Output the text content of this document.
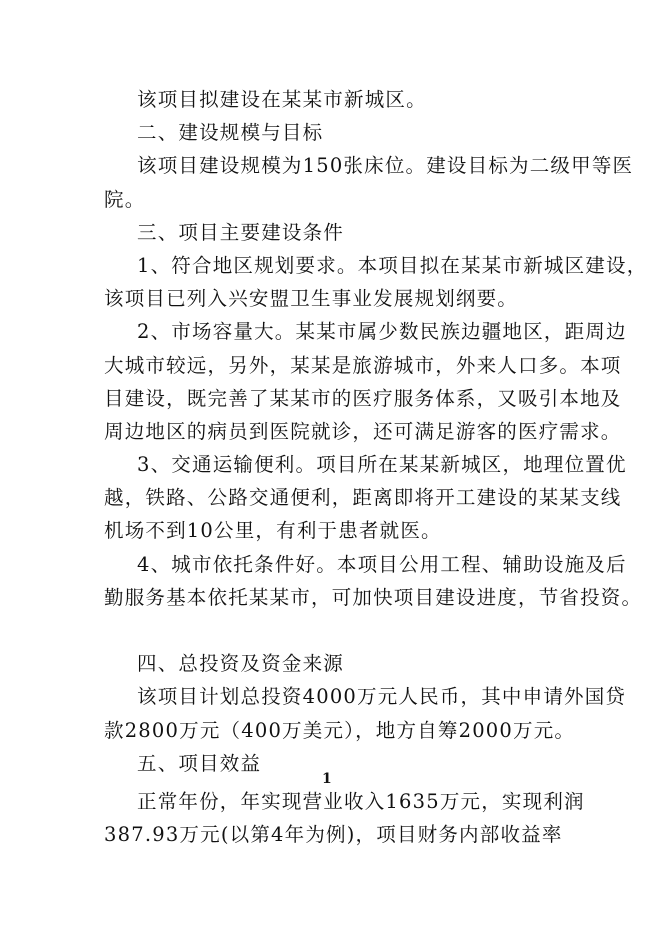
该项目拟建设在某某市新城区。
二、建设规模与目标
该项目建设规模为150张床位。建设目标为二级甲等医
院。
三、项目主要建设条件
1、符合地区规划要求。本项目拟在某某市新城区建设，
该项目已列入兴安盟卫生事业发展规划纲要。
2、市场容量大。某某市属少数民族边疆地区，距周边
大城市较远，另外，某某是旅游城市，外来人口多。本项
目建设，既完善了某某市的医疗服务体系，又吸引本地及
周边地区的病员到医院就诊，还可满足游客的医疗需求。
3、交通运输便利。项目所在某某新城区，地理位置优
越，铁路、公路交通便利，距离即将开工建设的某某支线
机场不到10公里，有利于患者就医。
4、城市依托条件好。本项目公用工程、辅助设施及后
勤服务基本依托某某市，可加快项目建设进度，节省投资。
四、总投资及资金来源
该项目计划总投资4000万元人民币，其中申请外国贷
款2800万元（400万美元），地方自筹2000万元。
五、项目效益
正常年份，年实现营业收入1635万元，实现利润
387.93万元(以第4年为例)，项目财务内部收益率
1
